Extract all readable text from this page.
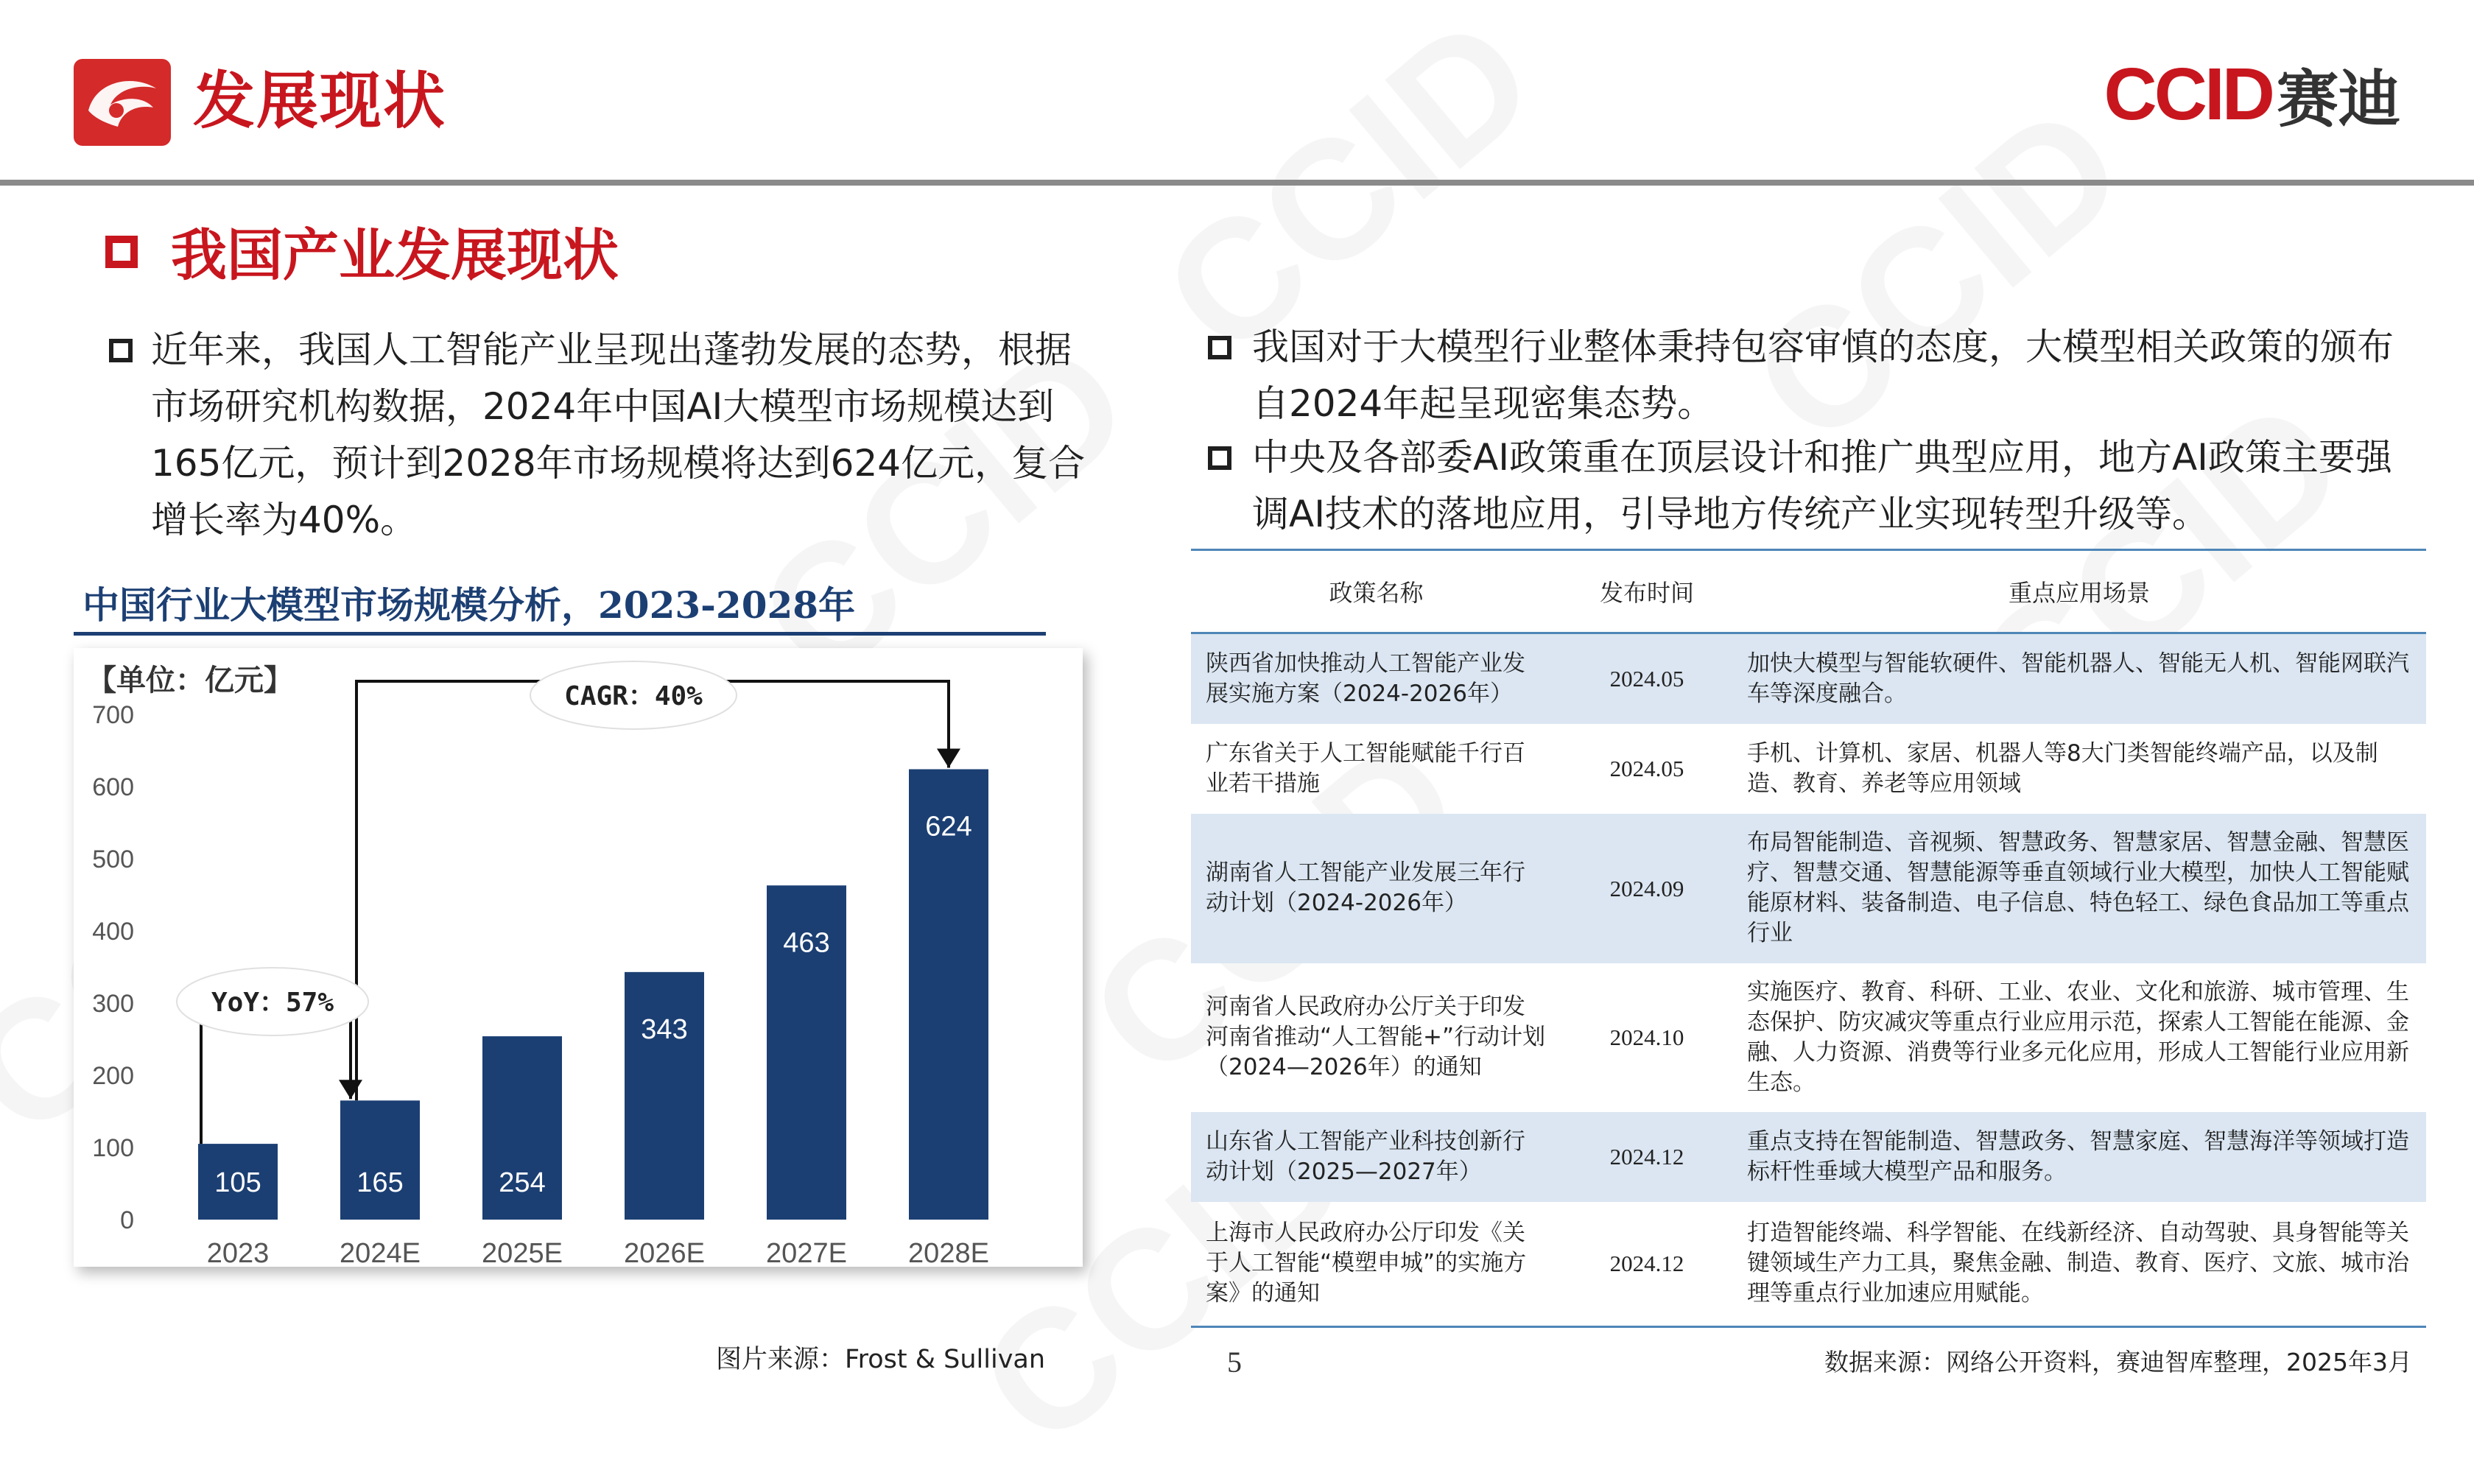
发展现状	CCID 赛迪
我国产业发展现状
近年来，我国人工智能产业呈现出蓬勃发展的态势，根据市场研究机构数据，2024年中国AI大模型市场规模达到165亿元，预计到2028年市场规模将达到624亿元，复合增长率为40%。
我国对于大模型行业整体秉持包容审慎的态度，大模型相关政策的颁布自2024年起呈现密集态势。
中央及各部委AI政策重在顶层设计和推广典型应用，地方AI政策主要强调AI技术的落地应用，引导地方传统产业实现转型升级等。
中国行业大模型市场规模分析，2023-2028年
【单位：亿元】
0
100
200
300
400
500
600
700
105	165	254
343
463
624
2023	2024E 2025E 2026E 2027E 2028E
YoY：57%
CAGR：40%
图片来源：Frost & Sullivan
政策名称	发布时间	重点应用场景
陕西省加快推动人工智能产业发展实施方案（2024-2026年）	2024.05	加快大模型与智能软硬件、智能机器人、智能无人机、智能网联汽车等深度融合。
广东省关于人工智能赋能千行百业若干措施	2024.05	手机、计算机、家居、机器人等8大门类智能终端产品，以及制造、教育、养老等应用领域
湖南省人工智能产业发展三年行动计划（2024-2026年）	2024.09	布局智能制造、音视频、智慧政务、智慧家居、智慧金融、智慧医疗、智慧交通、智慧能源等垂直领域行业大模型，加快人工智能赋能原材料、装备制造、电子信息、特色轻工、绿色食品加工等重点行业
河南省人民政府办公厅关于印发河南省推动“人工智能+”行动计划（2024—2026年）的通知	2024.10	实施医疗、教育、科研、工业、农业、文化和旅游、城市管理、生态保护、防灾减灾等重点行业应用示范，探索人工智能在能源、金融、人力资源、消费等行业多元化应用，形成人工智能行业应用新生态。
山东省人工智能产业科技创新行动计划（2025—2027年）	2024.12	重点支持在智能制造、智慧政务、智慧家庭、智慧海洋等领域打造标杆性垂域大模型产品和服务。
上海市人民政府办公厅印发《关于人工智能“模塑申城”的实施方案》的通知	2024.12	打造智能终端、科学智能、在线新经济、自动驾驶、具身智能等关键领域生产力工具，聚焦金融、制造、教育、医疗、文旅、城市治理等重点行业加速应用赋能。
5	数据来源：网络公开资料，赛迪智库整理，2025年3月
